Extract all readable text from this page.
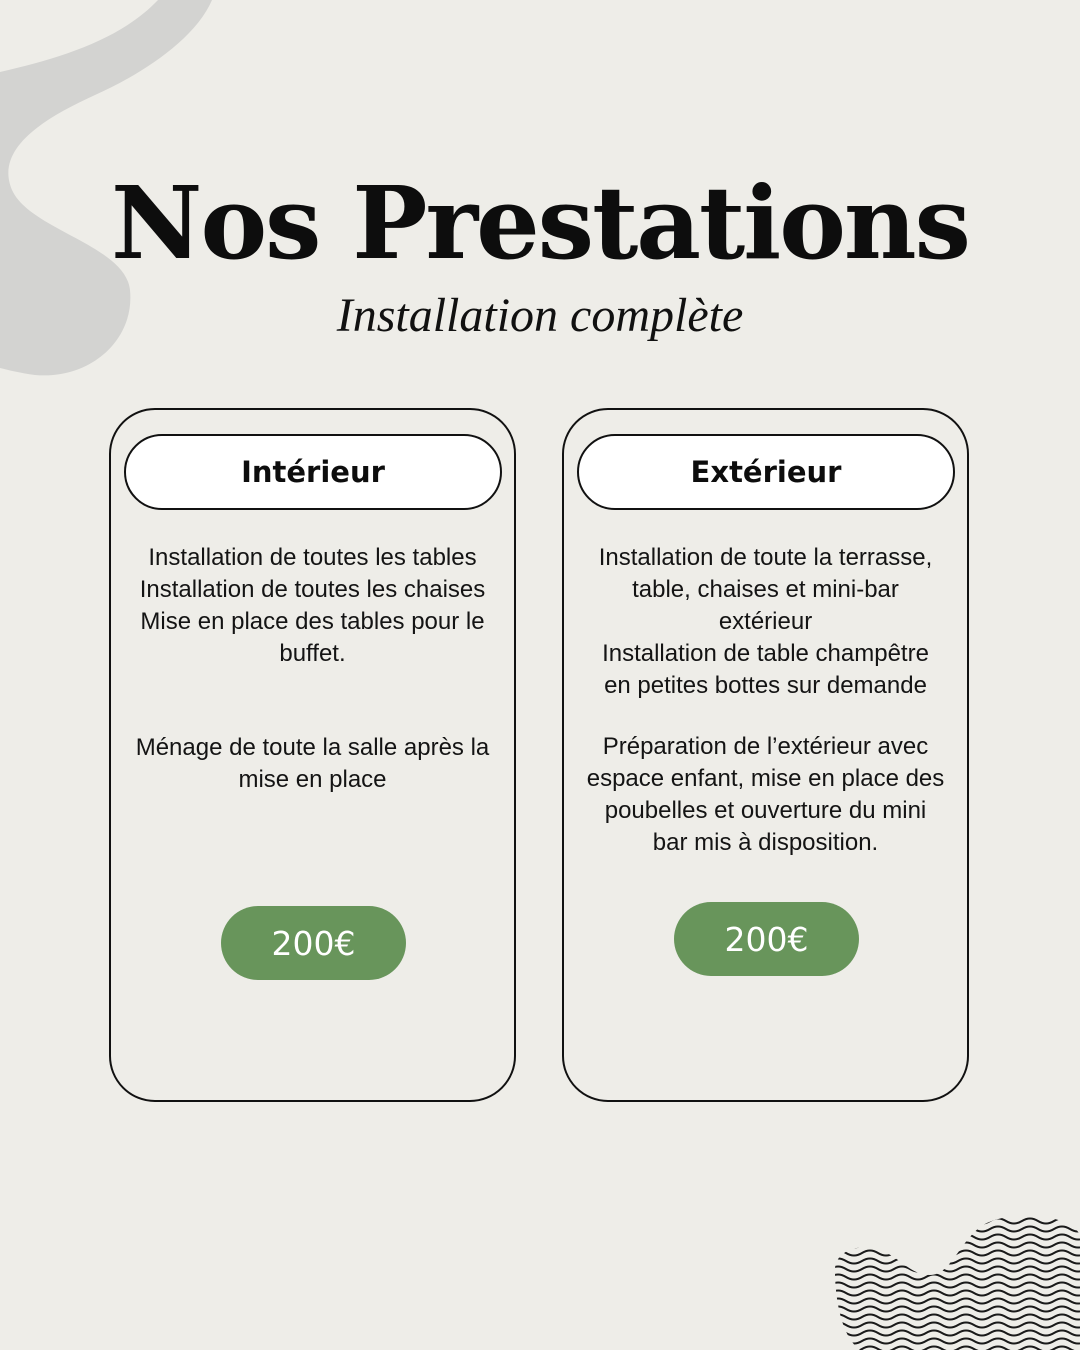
Nos Prestations
Installation complète
Intérieur

Installation de toutes les tables

Installation de toutes les chaises

Mise en place des tables pour le

buffet.

Ménage de toute la salle après la

mise en place

200€
Extérieur

Installation de toute la terrasse,

table, chaises et mini-bar

extérieur

Installation de table champêtre

en petites bottes sur demande

Préparation de l’extérieur avec

espace enfant, mise en place des

poubelles et ouverture du mini

bar mis à disposition.

200€
